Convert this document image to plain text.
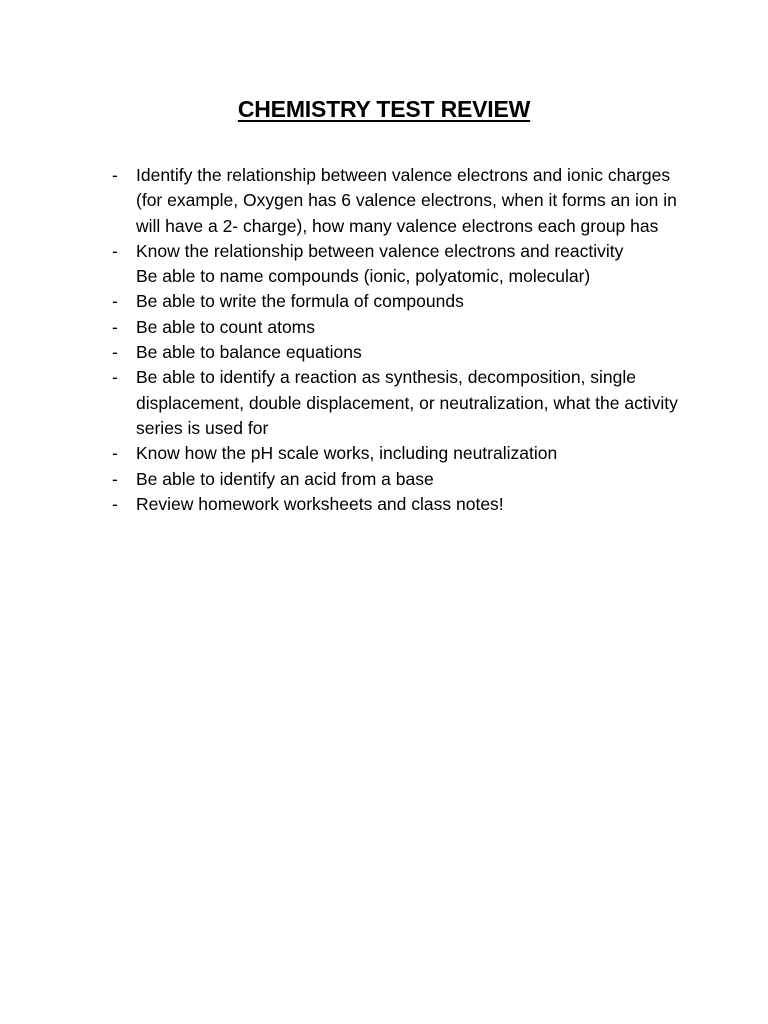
CHEMISTRY TEST REVIEW
- Identify the relationship between valence electrons and ionic charges (for example, Oxygen has 6 valence electrons, when it forms an ion in will have a 2- charge), how many valence electrons each group has
- Know the relationship between valence electrons and reactivity
Be able to name compounds (ionic, polyatomic, molecular)
- Be able to write the formula of compounds
- Be able to count atoms
- Be able to balance equations
- Be able to identify a reaction as synthesis, decomposition, single displacement, double displacement, or neutralization, what the activity series is used for
- Know how the pH scale works, including neutralization
- Be able to identify an acid from a base
- Review homework worksheets and class notes!
